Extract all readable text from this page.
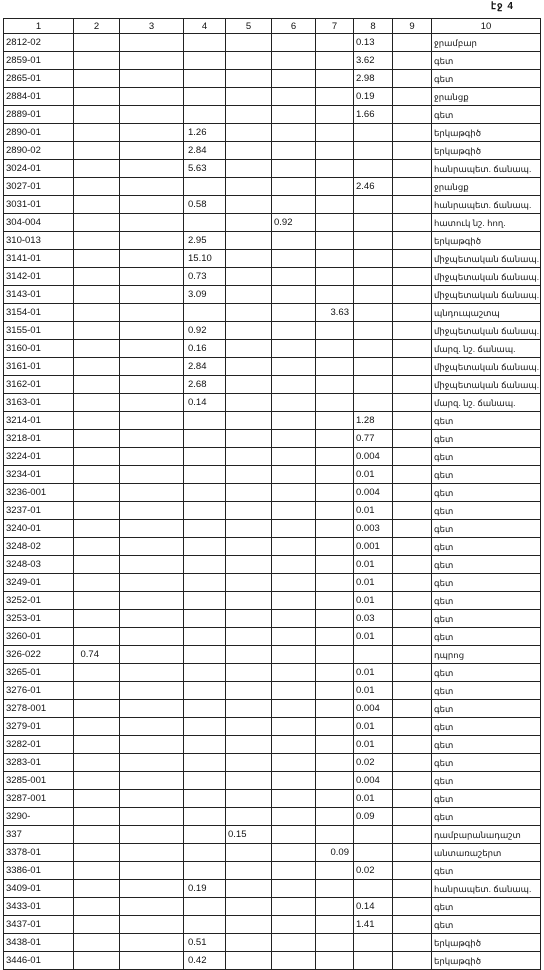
էջ 4
1	2	3	4	5	6	7	8	9	10
2812-02							0.13		ջրամբար
2859-01							3.62		գետ
2865-01							2.98		գետ
2884-01							0.19		ջրանցք
2889-01							1.66		գետ
2890-01			1.26						երկաթգիծ
2890-02			2.84						երկաթգիծ
3024-01			5.63						հանրապետ. ճանապ.
3027-01							2.46		ջրանցք
3031-01			0.58						հանրապետ. ճանապ.
304-004					0.92				հատուկ նշ. հող.
310-013			2.95						երկաթգիծ
3141-01			15.10						միջպետական ճանապ.
3142-01			0.73						միջպետական ճանապ.
3143-01			3.09						միջպետական ճանապ.
3154-01						3.63			պնդուպաշտպ
3155-01			0.92						միջպետական ճանապ.
3160-01			0.16						մարզ. նշ. ճանապ.
3161-01			2.84						միջպետական ճանապ.
3162-01			2.68						միջպետական ճանապ.
3163-01			0.14						մարզ. նշ. ճանապ.
3214-01							1.28		գետ
3218-01							0.77		գետ
3224-01							0.004		գետ
3234-01							0.01		գետ
3236-001							0.004		գետ
3237-01							0.01		գետ
3240-01							0.003		գետ
3248-02							0.001		գետ
3248-03							0.01		գետ
3249-01							0.01		գետ
3252-01							0.01		գետ
3253-01							0.03		գետ
3260-01							0.01		գետ
326-022	0.74								դպրոց
3265-01							0.01		գետ
3276-01							0.01		գետ
3278-001							0.004		գետ
3279-01							0.01		գետ
3282-01							0.01		գետ
3283-01							0.02		գետ
3285-001							0.004		գետ
3287-001							0.01		գետ
3290-							0.09		գետ
337				0.15					դամբարանադաշտ
3378-01						0.09			անտառաշերտ
3386-01							0.02		գետ
3409-01			0.19						հանրապետ. ճանապ.
3433-01							0.14		գետ
3437-01							1.41		գետ
3438-01			0.51						երկաթգիծ
3446-01			0.42						երկաթգիծ
